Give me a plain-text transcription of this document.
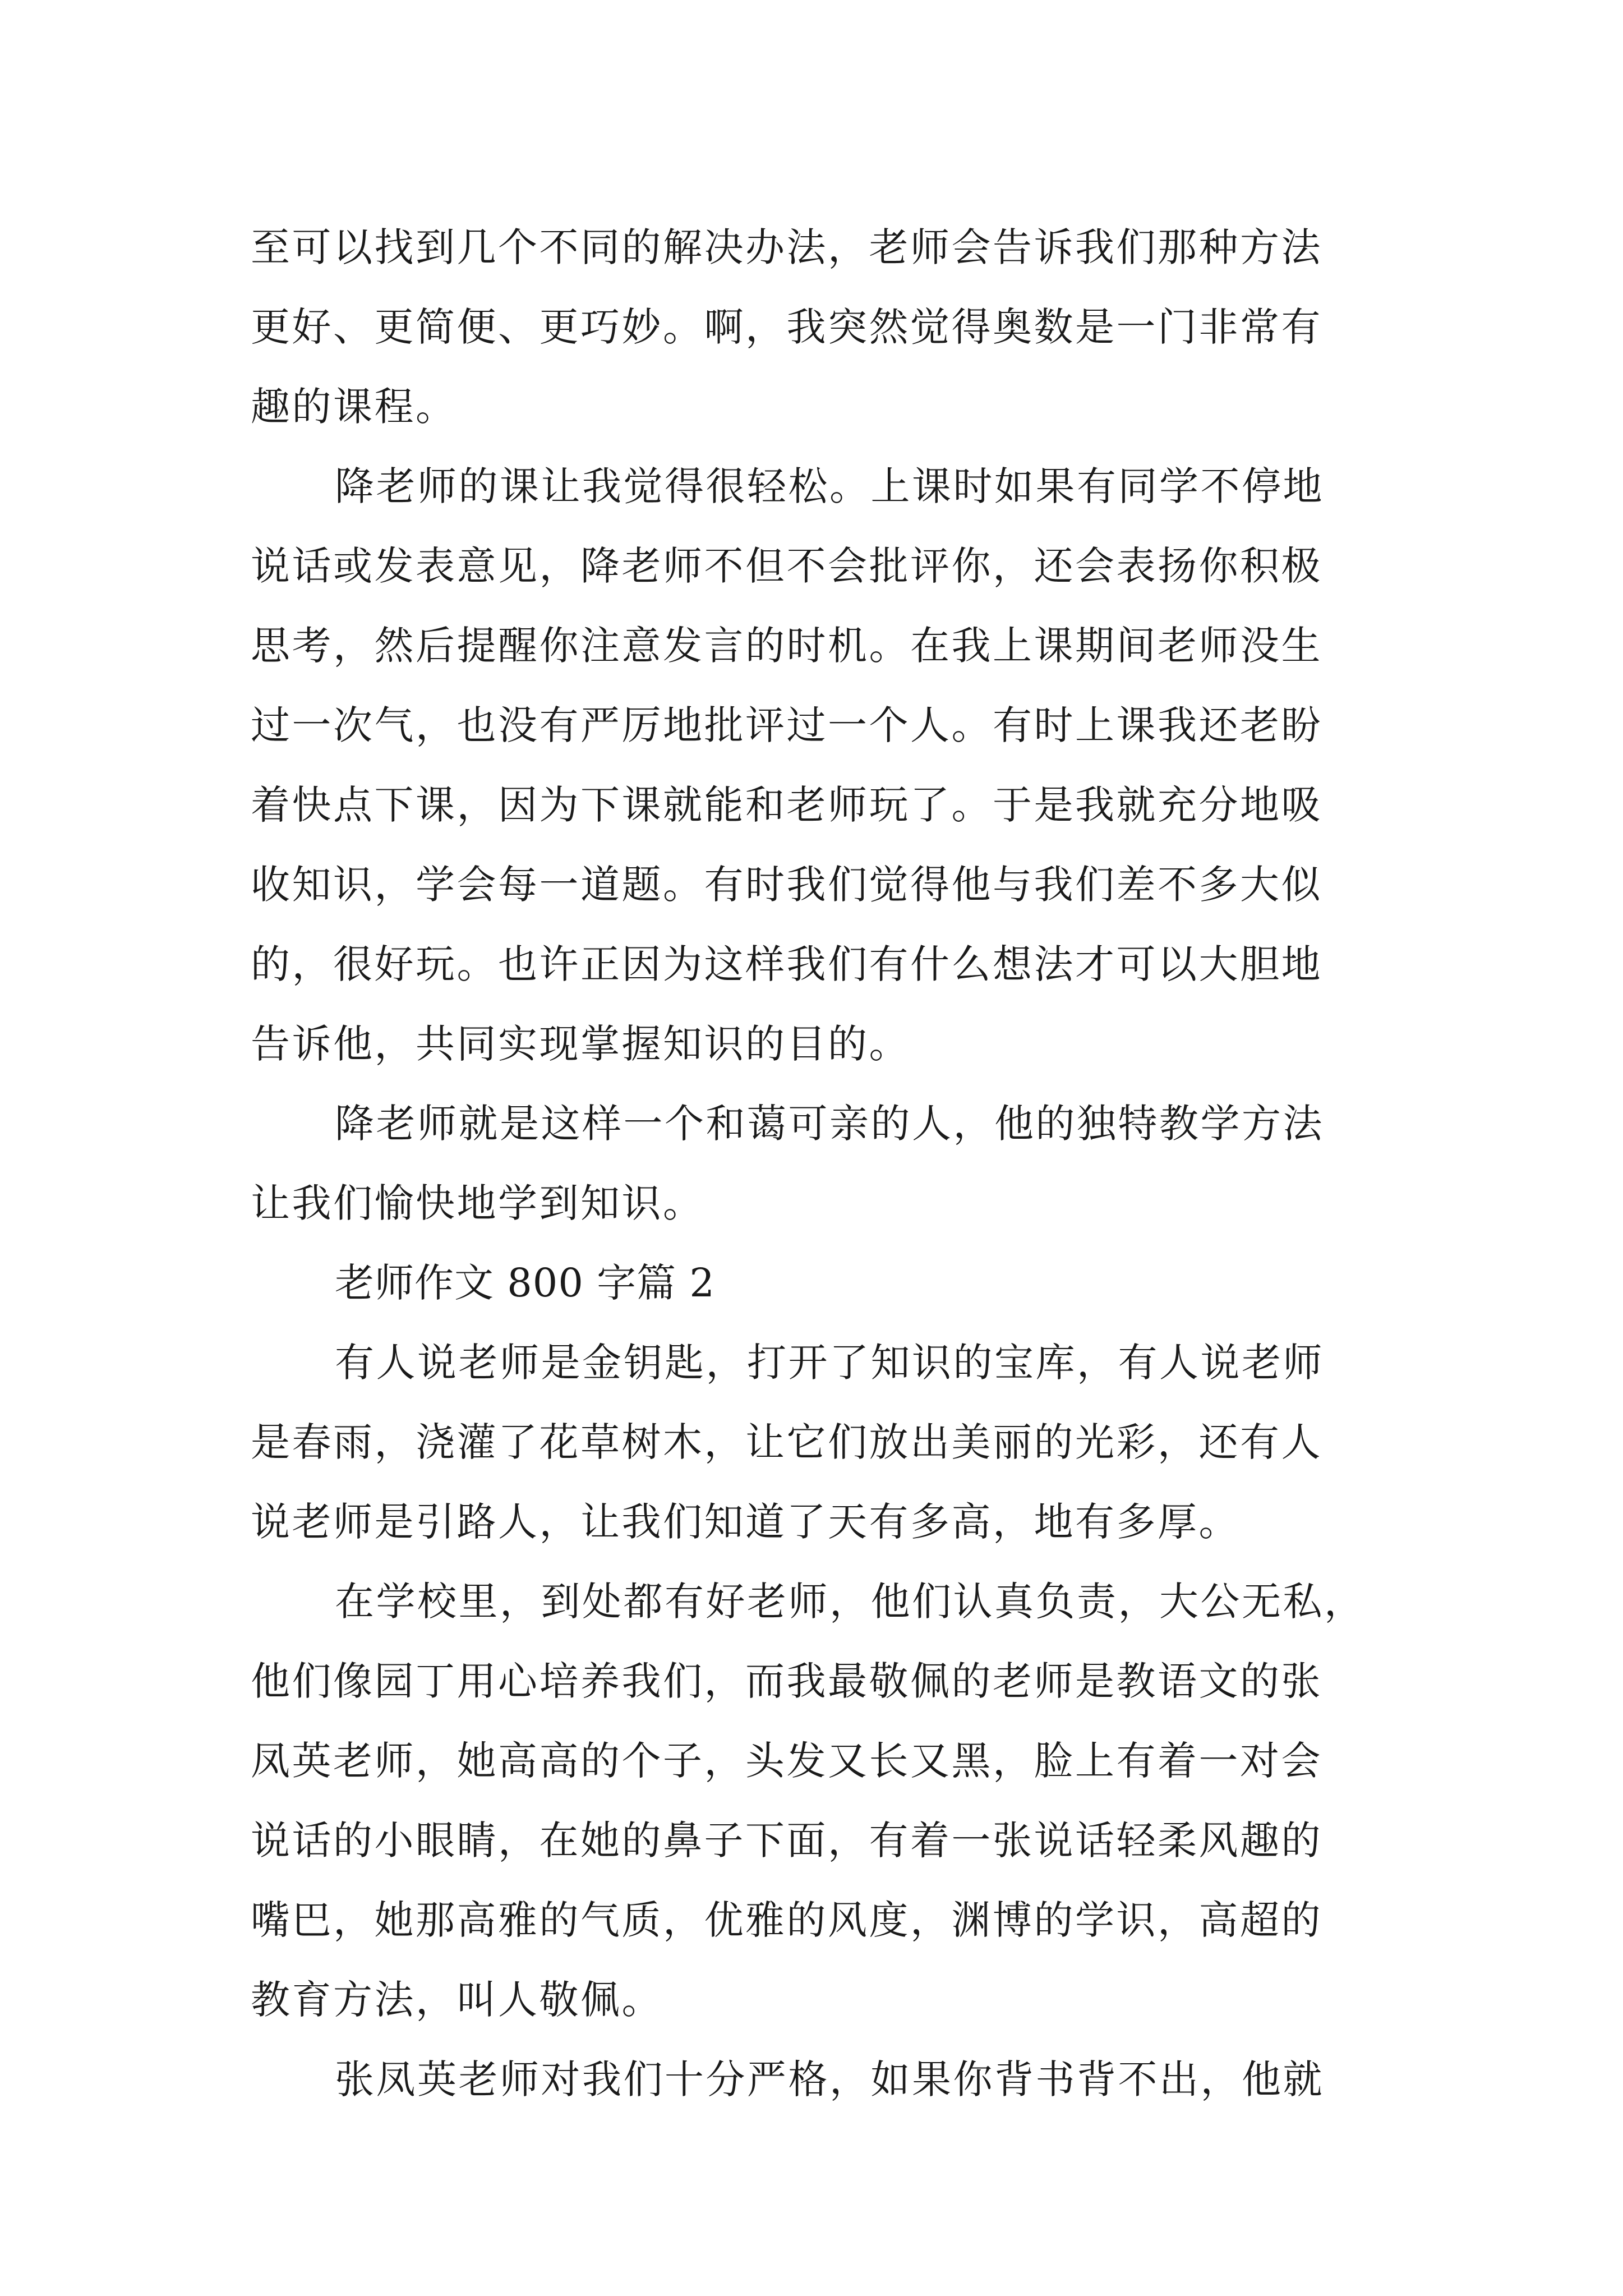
至可以找到几个不同的解决办法，老师会告诉我们那种方法
更好、更简便、更巧妙。啊，我突然觉得奥数是一门非常有
趣的课程。
降老师的课让我觉得很轻松。上课时如果有同学不停地
说话或发表意见，降老师不但不会批评你，还会表扬你积极
思考，然后提醒你注意发言的时机。在我上课期间老师没生
过一次气，也没有严厉地批评过一个人。有时上课我还老盼
着快点下课，因为下课就能和老师玩了。于是我就充分地吸
收知识，学会每一道题。有时我们觉得他与我们差不多大似
的，很好玩。也许正因为这样我们有什么想法才可以大胆地
告诉他，共同实现掌握知识的目的。
降老师就是这样一个和蔼可亲的人，他的独特教学方法
让我们愉快地学到知识。
老师作文 800 字篇 2
有人说老师是金钥匙，打开了知识的宝库，有人说老师
是春雨，浇灌了花草树木，让它们放出美丽的光彩，还有人
说老师是引路人，让我们知道了天有多高，地有多厚。
在学校里，到处都有好老师，他们认真负责，大公无私，
他们像园丁用心培养我们，而我最敬佩的老师是教语文的张
凤英老师，她高高的个子，头发又长又黑，脸上有着一对会
说话的小眼睛，在她的鼻子下面，有着一张说话轻柔风趣的
嘴巴，她那高雅的气质，优雅的风度，渊博的学识，高超的
教育方法，叫人敬佩。
张凤英老师对我们十分严格，如果你背书背不出，他就
